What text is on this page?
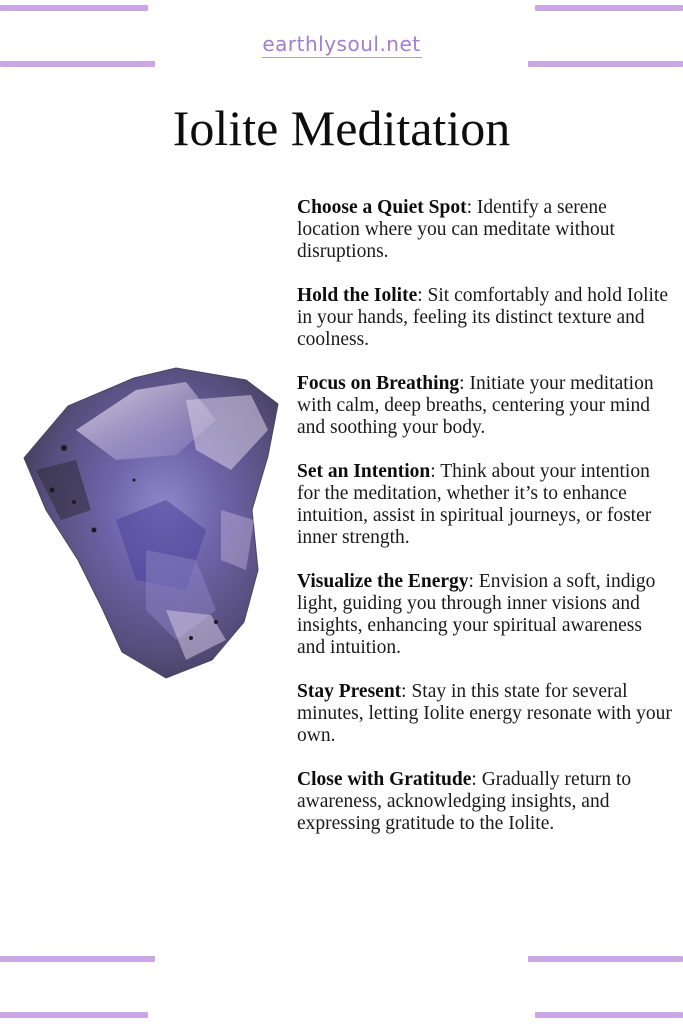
earthlysoul.net
Iolite Meditation
Choose a Quiet Spot: Identify a serene location where you can meditate without disruptions.
Hold the Iolite: Sit comfortably and hold Iolite in your hands, feeling its distinct texture and coolness.
Focus on Breathing: Initiate your meditation with calm, deep breaths, centering your mind and soothing your body.
Set an Intention: Think about your intention for the meditation, whether it’s to enhance intuition, assist in spiritual journeys, or foster inner strength.
Visualize the Energy: Envision a soft, indigo light, guiding you through inner visions and insights, enhancing your spiritual awareness and intuition.
Stay Present: Stay in this state for several minutes, letting Iolite energy resonate with your own.
Close with Gratitude: Gradually return to awareness, acknowledging insights, and expressing gratitude to the Iolite.
